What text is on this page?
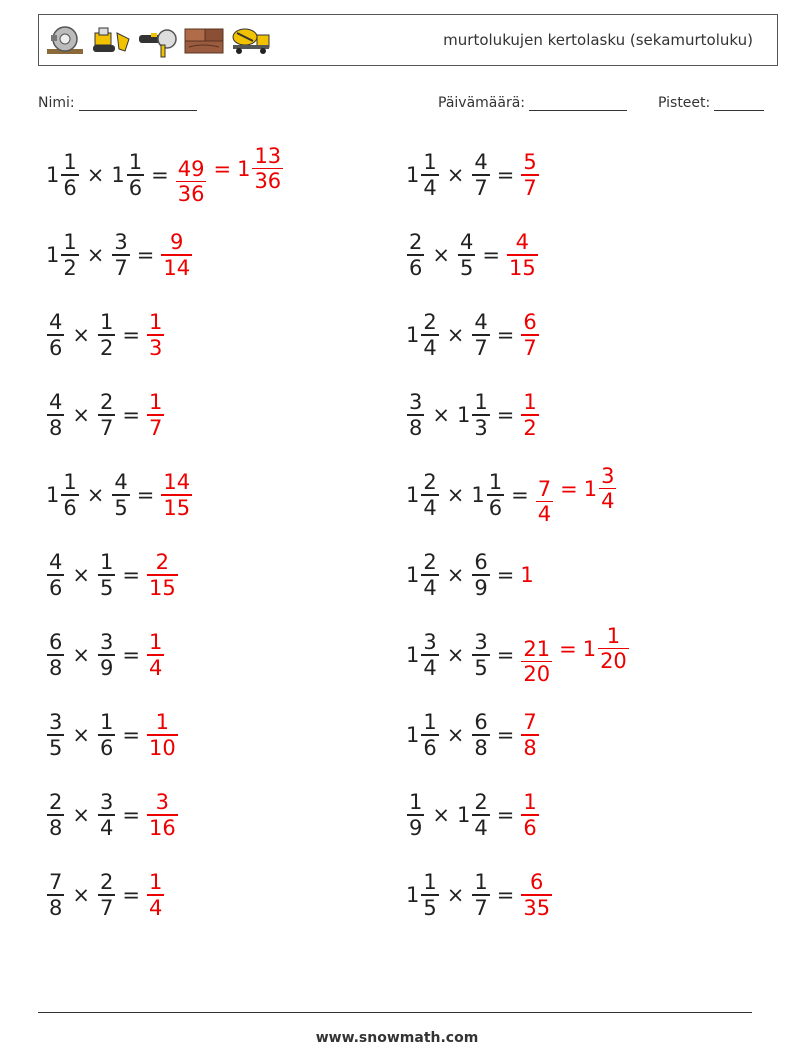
murtolukujen kertolasku (sekamurtoluku)
Nimi:	Päivämäärä:	Pisteet:
$1 \frac{1}{6} \times 1 \frac{1}{6} = \frac{49}{36} = 1 \frac{13}{36}$	$1 \frac{1}{4} \times \frac{4}{7} = \frac{5}{7}$
$1 \frac{1}{2} \times \frac{3}{7} = \frac{9}{14}$	$\frac{2}{6} \times \frac{4}{5} = \frac{4}{15}$
$\frac{4}{6} \times \frac{1}{2} = \frac{1}{3}$	$1 \frac{2}{4} \times \frac{4}{7} = \frac{6}{7}$
$\frac{4}{8} \times \frac{2}{7} = \frac{1}{7}$	$\frac{3}{8} \times 1 \frac{1}{3} = \frac{1}{2}$
$1 \frac{1}{6} \times \frac{4}{5} = \frac{14}{15}$	$1 \frac{2}{4} \times 1 \frac{1}{6} = \frac{7}{4} = 1 \frac{3}{4}$
$\frac{4}{6} \times \frac{1}{5} = \frac{2}{15}$	$1 \frac{2}{4} \times \frac{6}{9} = 1$
$\frac{6}{8} \times \frac{3}{9} = \frac{1}{4}$	$1 \frac{3}{4} \times \frac{3}{5} = \frac{21}{20} = 1 \frac{1}{20}$
$\frac{3}{5} \times \frac{1}{6} = \frac{1}{10}$	$1 \frac{1}{6} \times \frac{6}{8} = \frac{7}{8}$
$\frac{2}{8} \times \frac{3}{4} = \frac{3}{16}$	$\frac{1}{9} \times 1 \frac{2}{4} = \frac{1}{6}$
$\frac{7}{8} \times \frac{2}{7} = \frac{1}{4}$	$1 \frac{1}{5} \times \frac{1}{7} = \frac{6}{35}$
www.snowmath.com
